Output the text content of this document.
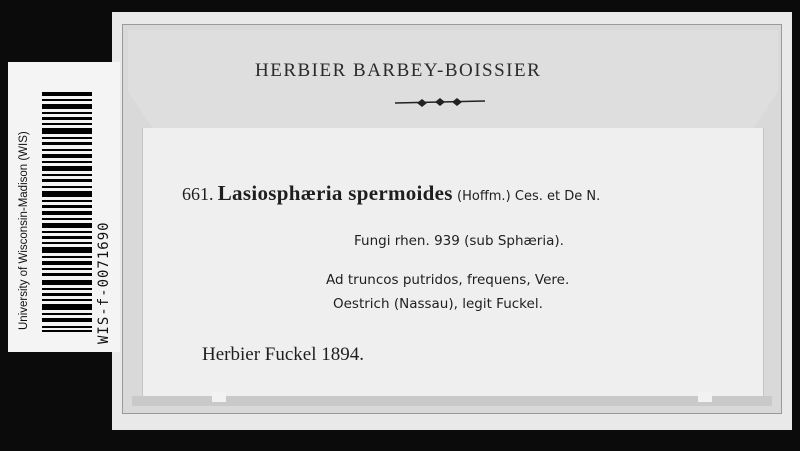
HERBIER BARBEY-BOISSIER
661. Lasiosphæria spermoides (Hoffm.) Ces. et De N.
Fungi rhen. 939 (sub Sphæria).
Ad truncos putridos, frequens, Vere.
Oestrich (Nassau), legit Fuckel.
Herbier Fuckel 1894.
University of Wisconsin-Madison (WIS)	WIS-f-0071690
